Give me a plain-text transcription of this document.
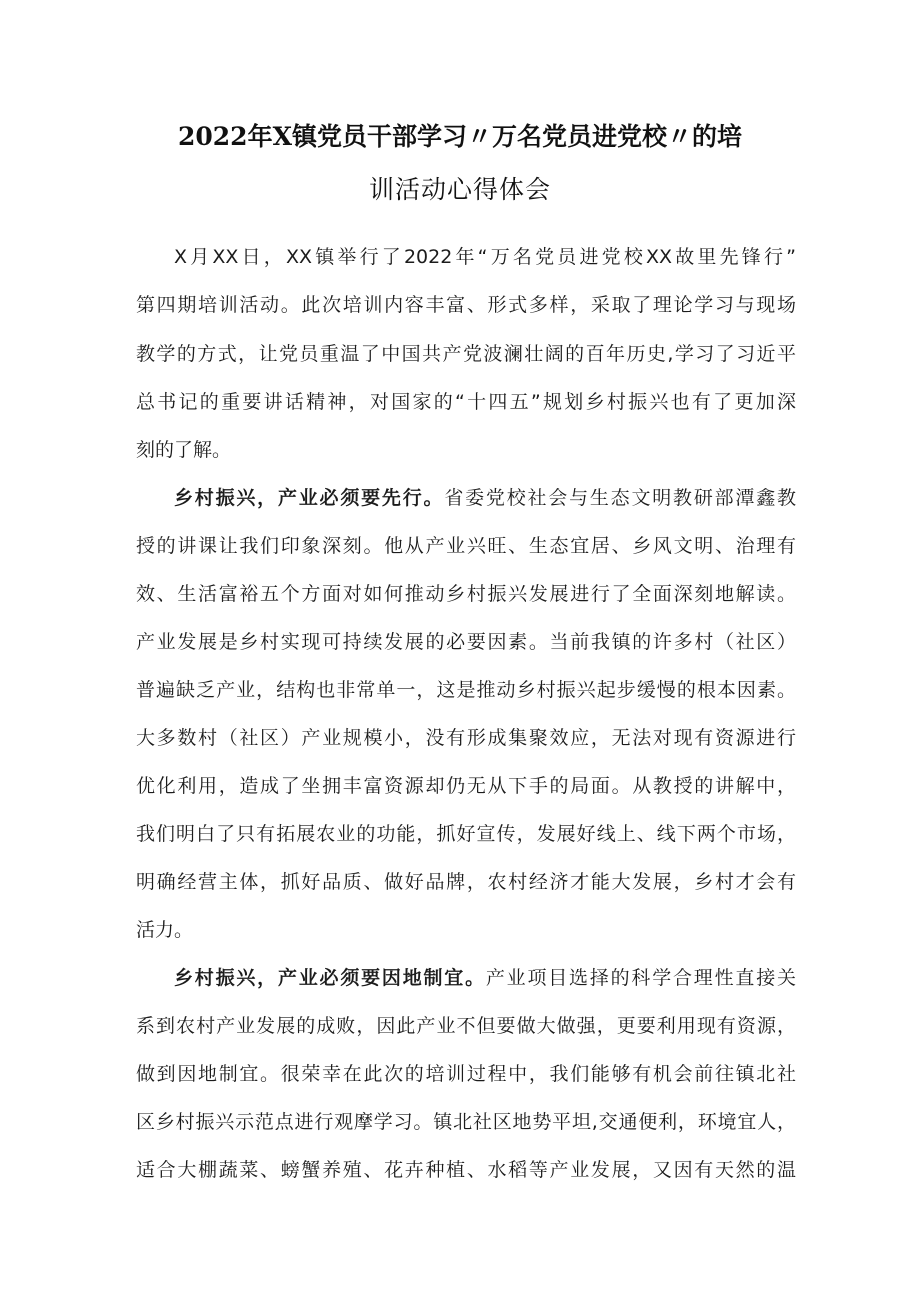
2022年X镇党员干部学习〃万名党员进党校〃的培
训活动心得体会
X月XX日，XX镇举行了2022年“万名党员进党校XX故里先锋行”
第四期培训活动。此次培训内容丰富、形式多样，采取了理论学习与现场
教学的方式，让党员重温了中国共产党波澜壮阔的百年历史,学习了习近平
总书记的重要讲话精神，对国家的“十四五”规划乡村振兴也有了更加深
刻的了解。
乡村振兴，产业必须要先行。省委党校社会与生态文明教研部潭鑫教
授的讲课让我们印象深刻。他从产业兴旺、生态宜居、乡风文明、治理有
效、生活富裕五个方面对如何推动乡村振兴发展进行了全面深刻地解读。
产业发展是乡村实现可持续发展的必要因素。当前我镇的许多村（社区）
普遍缺乏产业，结构也非常单一，这是推动乡村振兴起步缓慢的根本因素。
大多数村（社区）产业规模小，没有形成集聚效应，无法对现有资源进行
优化利用，造成了坐拥丰富资源却仍无从下手的局面。从教授的讲解中，
我们明白了只有拓展农业的功能，抓好宣传，发展好线上、线下两个市场，
明确经营主体，抓好品质、做好品牌，农村经济才能大发展，乡村才会有
活力。
乡村振兴，产业必须要因地制宜。产业项目选择的科学合理性直接关
系到农村产业发展的成败，因此产业不但要做大做强，更要利用现有资源，
做到因地制宜。很荣幸在此次的培训过程中，我们能够有机会前往镇北社
区乡村振兴示范点进行观摩学习。镇北社区地势平坦,交通便利，环境宜人，
适合大棚蔬菜、螃蟹养殖、花卉种植、水稻等产业发展，又因有天然的温
